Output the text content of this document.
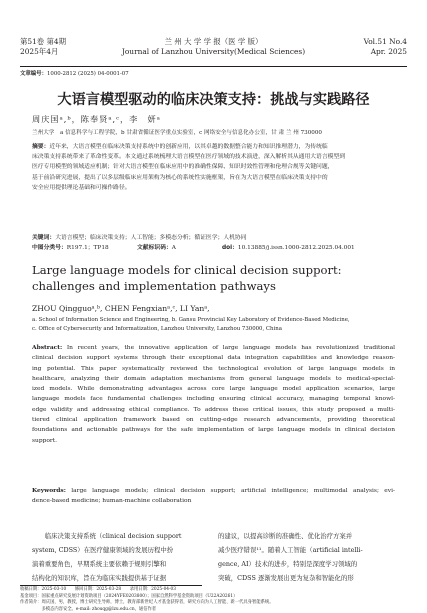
第51卷 第4期
2025年4月
兰 州 大 学 学 报（医 学 版）
Journal of Lanzhou University(Medical Sciences)
Vol.51 No.4
Apr. 2025
文章编号：1000-2812 (2025) 04-0001-07
大语言模型驱动的临床决策支持：挑战与实践路径
周庆国ᵃ,ᵇ，陈奉贤ᵃ,ᶜ，李　妍ᵃ
兰州大学　a 信息科学与工程学院，b 甘肃省循证医学重点实验室，c 网络安全与信息化办公室，甘 肃 兰 州 730000
摘要：近年来，大语言模型在临床决策支持系统中的创新应用，以其卓越的数据整合能力和知识推理潜力，为传统临
床决策支持系统带来了革命性变革。本文通过系统梳理大语言模型在医疗领域的技术演进，深入解析其从通用大语言模型到
医疗专用模型的领域适应机制；针对大语言模型在临床应用中的准确性保障、知识时效性管理和伦理合规等关键问题，
基于前沿研究进展，提出了以多层级临床应用架构为核心的系统性实施框架，旨在为大语言模型在临床决策支持中的
安全应用提供理论基础和可操作路径。
关键词：大语言模型；临床决策支持；人工智能；多模态分析；循证医学；人机协同
中图分类号：R197.1；TP18	文献标识码：A	doi：10.13885/j.issn.1000-2812.2025.04.001
Large language models for clinical decision support:
challenges and implementation pathways
ZHOU Qingguoᵃ,ᵇ, CHEN Fengxianᵃ,ᶜ, LI Yanᵃ,
a. School of Information Science and Engineering, b. Gansu Provincial Key Laboratory of Evidence-Based Medicine,
c. Office of Cybersecurity and Informatization, Lanzhou University, Lanzhou 730000, China
Abstract: In recent years, the innovative application of large language models has revolutionized traditional
clinical decision support systems through their exceptional data integration capabilities and knowledge reason-
ing potential. This paper systematically reviewed the technological evolution of large language models in
healthcare, analyzing their domain adaptation mechanisms from general language models to medical-special-
ized models. While demonstrating advantages across core large language model application scenarios, large
language models face fundamental challenges including ensuring clinical accuracy, managing temporal knowl-
edge validity and addressing ethical compliance. To address these critical issues, this study proposed a multi-
tiered clinical application framework based on cutting-edge research advancements, providing theoretical
foundations and actionable pathways for the safe implementation of large language models in clinical decision
support.
Keywords: large language models; clinical decision support; artificial intelligence; multimodal analysis; evi-
dence-based medicine; human-machine collaboration
　　临床决策支持系统（clinical decision support
system, CDSS）在医疗健康领域的发展历程中扮
演着重要角色，早期系统主要依赖于规则引擎和
结构化的知识库，旨在为临床实践提供基于证据
的建议，以提高诊断的准确性、优化治疗方案并
减少医疗错误¹¹。随着人工智能（artificial intelli-
gence, AI）技术的进步，特别是深度学习领域的
突破，CDSS 逐渐发展出更为复杂和智能化的形
收稿日期：2025-03-10　　修回日期：2025-03-28　　录用日期：2025-04-03
基金项目：国家重点研究发展计划资助项目（2024YFE0203800）；国家自然科学基金资助项目（U22A20261）
作者简介：周庆国，男，教授，博士研究生导师，博士，教育部新世纪人才基金获得者，研究方向为人工智能、新一代具身智能系统。
　　　　　多模态内容安全。e-mail: zhouqg@lzu.edu.cn，通信作者
